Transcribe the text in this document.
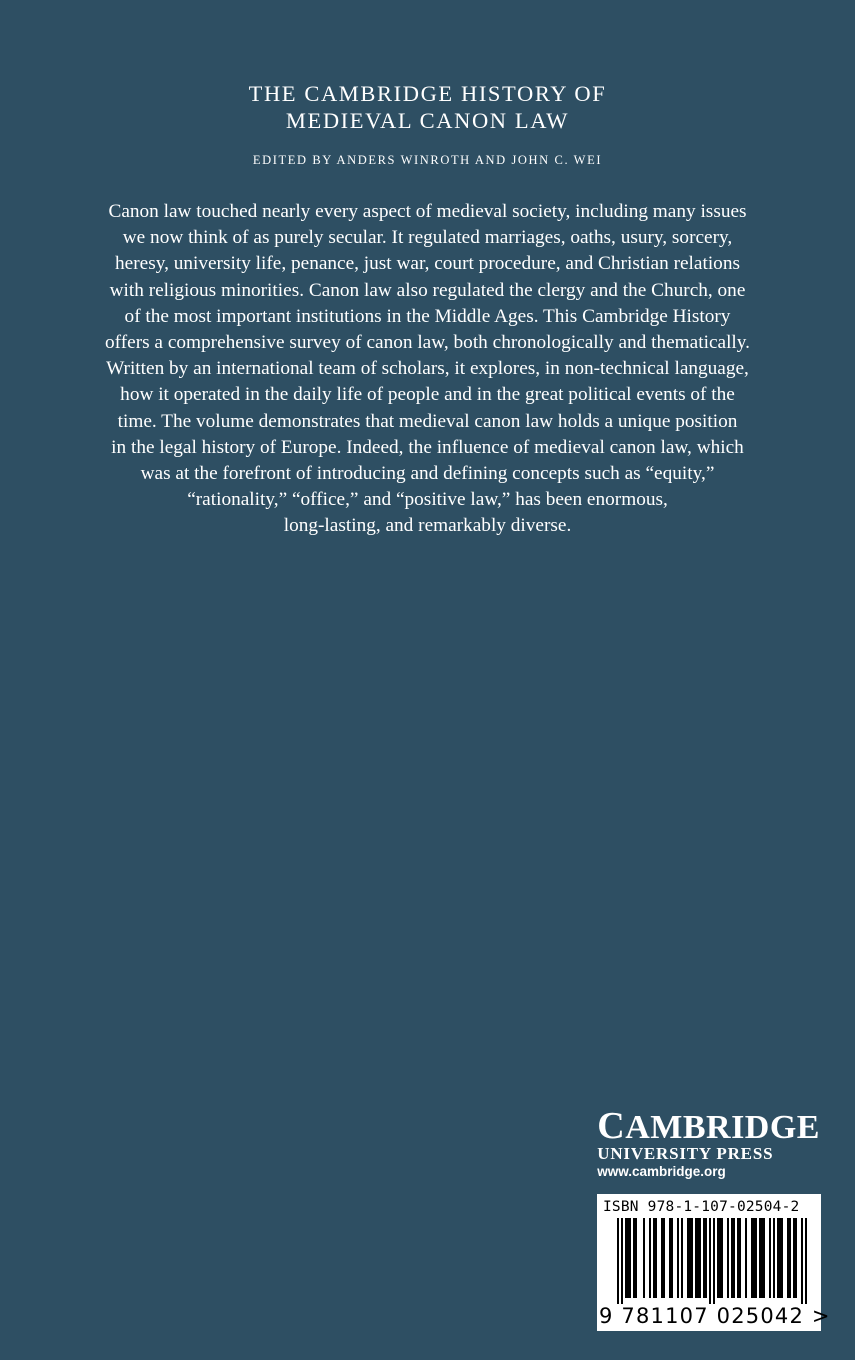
THE CAMBRIDGE HISTORY OF
MEDIEVAL CANON LAW
EDITED BY ANDERS WINROTH AND JOHN C. WEI
Canon law touched nearly every aspect of medieval society, including many issues
we now think of as purely secular. It regulated marriages, oaths, usury, sorcery,
heresy, university life, penance, just war, court procedure, and Christian relations
with religious minorities. Canon law also regulated the clergy and the Church, one
of the most important institutions in the Middle Ages. This Cambridge History
offers a comprehensive survey of canon law, both chronologically and thematically.
Written by an international team of scholars, it explores, in non-technical language,
how it operated in the daily life of people and in the great political events of the
time. The volume demonstrates that medieval canon law holds a unique position
in the legal history of Europe. Indeed, the influence of medieval canon law, which
was at the forefront of introducing and defining concepts such as “equity,”
“rationality,” “office,” and “positive law,” has been enormous,
long-lasting, and remarkably diverse.
CAMBRIDGE
UNIVERSITY PRESS
www.cambridge.org
ISBN 978-1-107-02504-2
9 781107 025042 >
